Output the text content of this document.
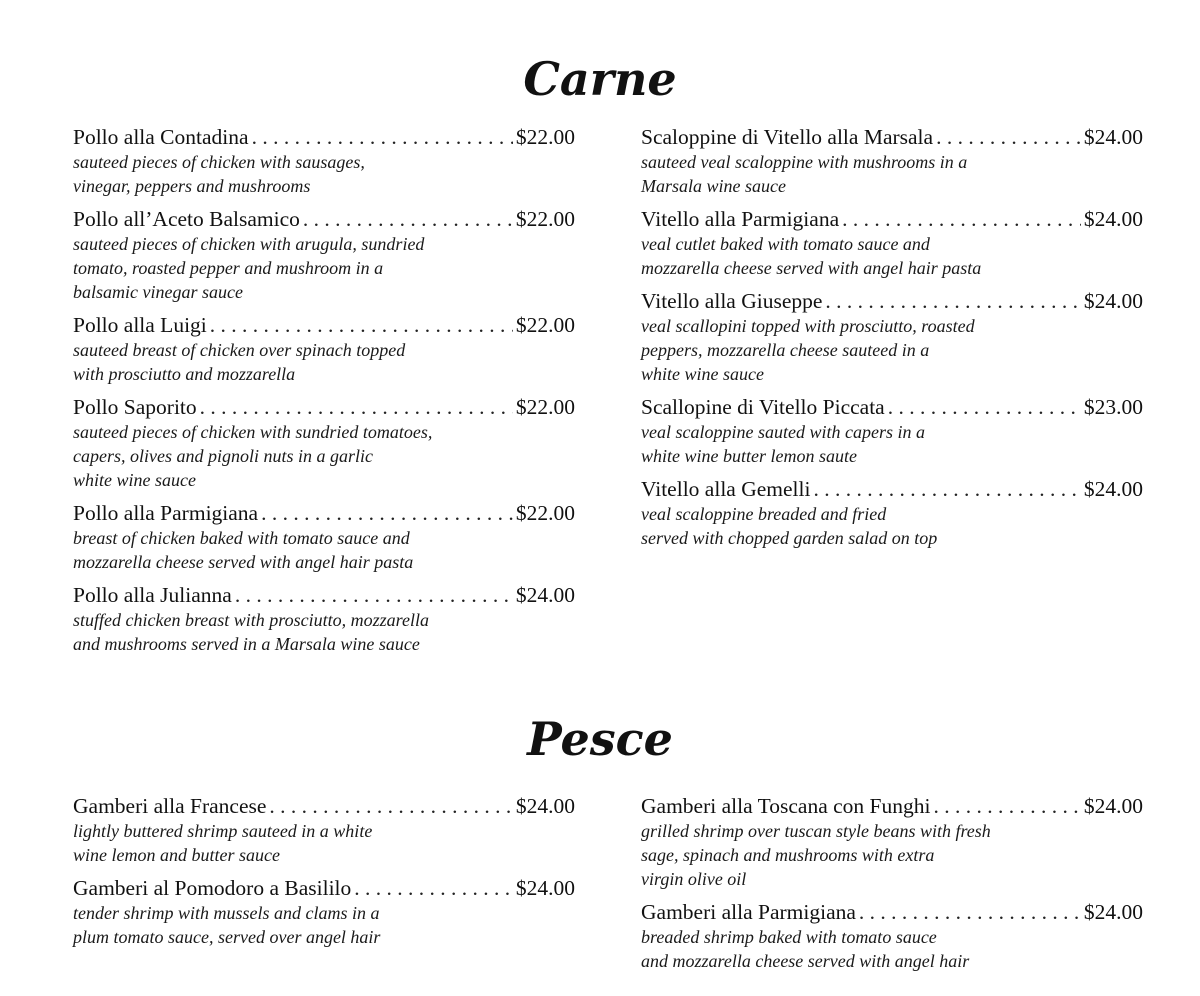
Carne
Pollo alla Contadina . . .	$22.00
sauteed pieces of chicken with sausages,
vinegar, peppers and mushrooms
Pollo all’Aceto Balsamico . . .	$22.00
sauteed pieces of chicken with arugula, sundried
tomato, roasted pepper and mushroom in a
balsamic vinegar sauce
Pollo alla Luigi . . .	$22.00
sauteed breast of chicken over spinach topped
with prosciutto and mozzarella
Pollo Saporito . . .	$22.00
sauteed pieces of chicken with sundried tomatoes,
capers, olives and pignoli nuts in a garlic
white wine sauce
Pollo alla Parmigiana . . .	$22.00
breast of chicken baked with tomato sauce and
mozzarella cheese served with angel hair pasta
Pollo alla Julianna . . .	$24.00
stuffed chicken breast with prosciutto, mozzarella
and mushrooms served in a Marsala wine sauce
Scaloppine di Vitello alla Marsala . . .	$24.00
sauteed veal scaloppine with mushrooms in a
Marsala wine sauce
Vitello alla Parmigiana . . .	$24.00
veal cutlet baked with tomato sauce and
mozzarella cheese served with angel hair pasta
Vitello alla Giuseppe . . .	$24.00
veal scallopini topped with prosciutto, roasted
peppers, mozzarella cheese sauteed in a
white wine sauce
Scallopine di Vitello Piccata . . .	$23.00
veal scaloppine sauted with capers in a
white wine butter lemon saute
Vitello alla Gemelli . . .	$24.00
veal scaloppine breaded and fried
served with chopped garden salad on top
Pesce
Gamberi alla Francese . . .	$24.00
lightly buttered shrimp sauteed in a white
wine lemon and butter sauce
Gamberi al Pomodoro a Basililo . . .	$24.00
tender shrimp with mussels and clams in a
plum tomato sauce, served over angel hair
Gamberi alla Toscana con Funghi . . .	$24.00
grilled shrimp over tuscan style beans with fresh
sage, spinach and mushrooms with extra
virgin olive oil
Gamberi alla Parmigiana . . .	$24.00
breaded shrimp baked with tomato sauce
and mozzarella cheese served with angel hair
